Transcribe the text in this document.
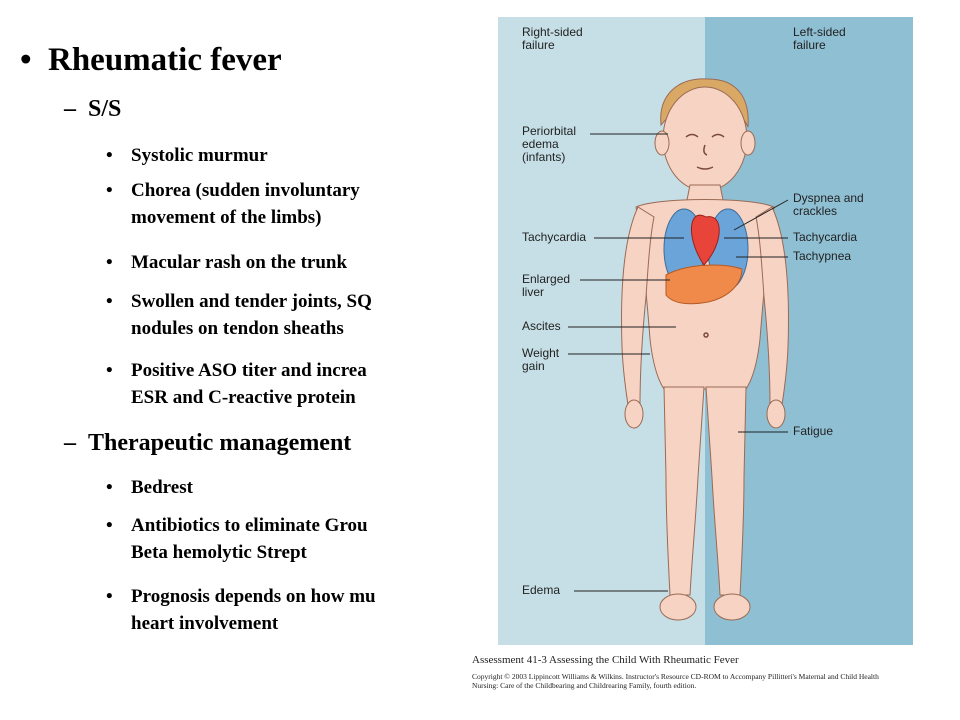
• Rheumatic fever
– S/S
• Systolic murmur
• Chorea (sudden involuntary
movement of the limbs)
• Macular rash on the trunk
• Swollen and tender joints, SQ
nodules on tendon sheaths
• Positive ASO titer and increa
ESR and C-reactive protein
– Therapeutic management
• Bedrest
• Antibiotics to eliminate Grou
Beta hemolytic Strept
• Prognosis depends on how mu
heart involvement
Right-sided
failure
Left-sided
failure
Periorbital
edema
(infants)
Tachycardia
Enlarged
liver
Ascites
Weight
gain
Edema
Dyspnea and
crackles
Tachycardia
Tachypnea
Fatigue
Assessment 41-3 Assessing the Child With Rheumatic Fever
Copyright © 2003 Lippincott Williams & Wilkins. Instructor's Resource CD-ROM to Accompany Pillitteri's Maternal and Child Health
Nursing: Care of the Childbearing and Childrearing Family, fourth edition.
